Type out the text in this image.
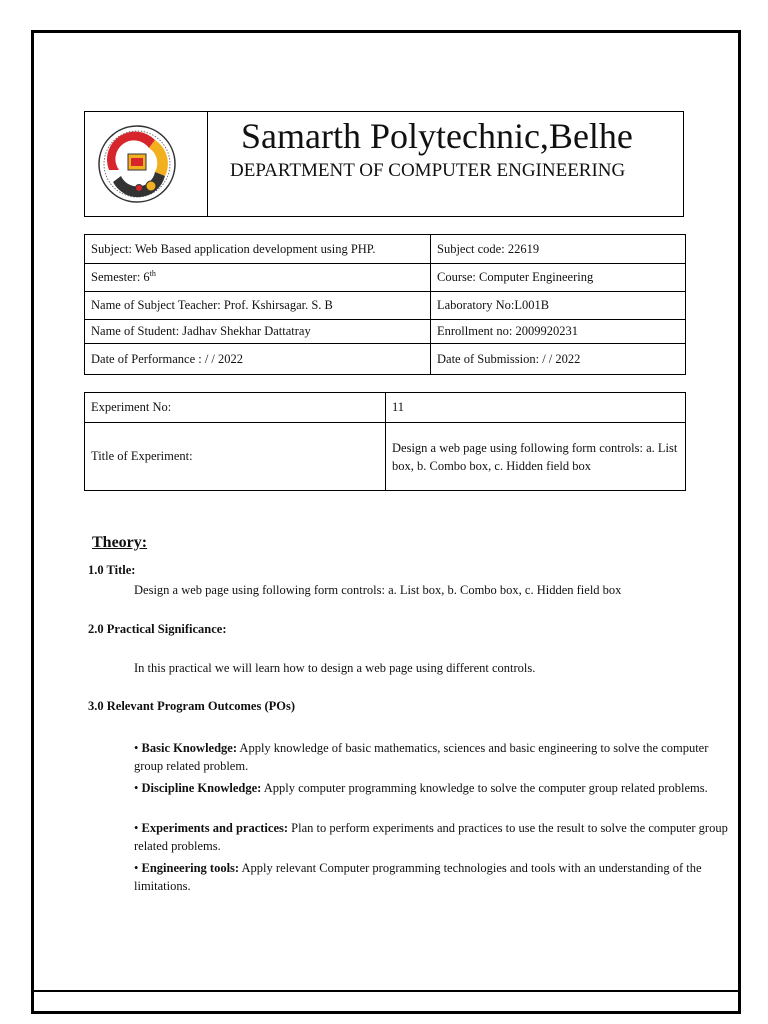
Samarth Polytechnic,Belhe
DEPARTMENT OF COMPUTER ENGINEERING
Subject: Web Based application development using PHP.	Subject code: 22619
Semester: 6th	Course: Computer Engineering
Name of Subject Teacher: Prof. Kshirsagar. S. B	Laboratory No:L001B
Name of Student: Jadhav Shekhar Dattatray	Enrollment no: 2009920231
Date of Performance : / / 2022	Date of Submission: / / 2022
Experiment No:	11
Title of Experiment:	Design a web page using following form controls: a. List box, b. Combo box, c. Hidden field box
Theory:
1.0 Title:
Design a web page using following form controls: a. List box, b. Combo box, c. Hidden field box
2.0 Practical Significance:
In this practical we will learn how to design a web page using different controls.
3.0 Relevant Program Outcomes (POs)
• Basic Knowledge: Apply knowledge of basic mathematics, sciences and basic engineering to solve the computer group related problem.
• Discipline Knowledge: Apply computer programming knowledge to solve the computer group related problems.
• Experiments and practices: Plan to perform experiments and practices to use the result to solve the computer group related problems.
• Engineering tools: Apply relevant Computer programming technologies and tools with an understanding of the limitations.
